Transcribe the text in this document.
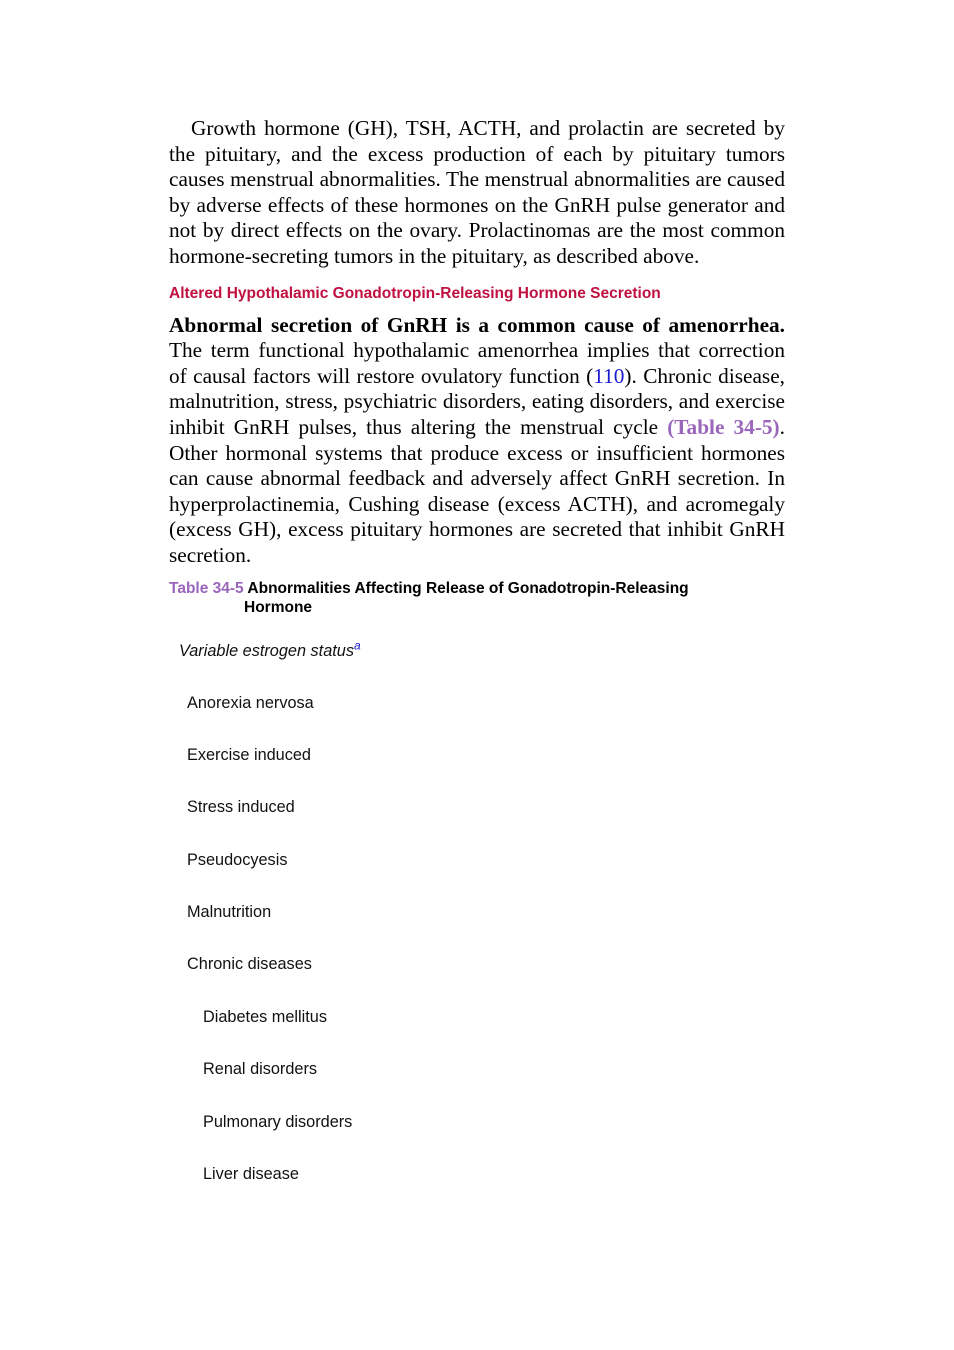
Growth hormone (GH), TSH, ACTH, and prolactin are secreted by the pituitary, and the excess production of each by pituitary tumors causes menstrual abnormalities. The menstrual abnormalities are caused by adverse effects of these hormones on the GnRH pulse generator and not by direct effects on the ovary. Prolactinomas are the most common hormone-secreting tumors in the pituitary, as described above.

Altered Hypothalamic Gonadotropin-Releasing Hormone Secretion

Abnormal secretion of GnRH is a common cause of amenorrhea. The term functional hypothalamic amenorrhea implies that correction of causal factors will restore ovulatory function (110). Chronic disease, malnutrition, stress, psychiatric disorders, eating disorders, and exercise inhibit GnRH pulses, thus altering the menstrual cycle (Table 34-5). Other hormonal systems that produce excess or insufficient hormones can cause abnormal feedback and adversely affect GnRH secretion. In hyperprolactinemia, Cushing disease (excess ACTH), and acromegaly (excess GH), excess pituitary hormones are secreted that inhibit GnRH secretion.

Table 34-5 Abnormalities Affecting Release of Gonadotropin-Releasing
Hormone
Variable estrogen status$^a$
Anorexia nervosa
Exercise induced
Stress induced
Pseudocyesis
Malnutrition
Chronic diseases
Diabetes mellitus
Renal disorders
Pulmonary disorders
Liver disease
